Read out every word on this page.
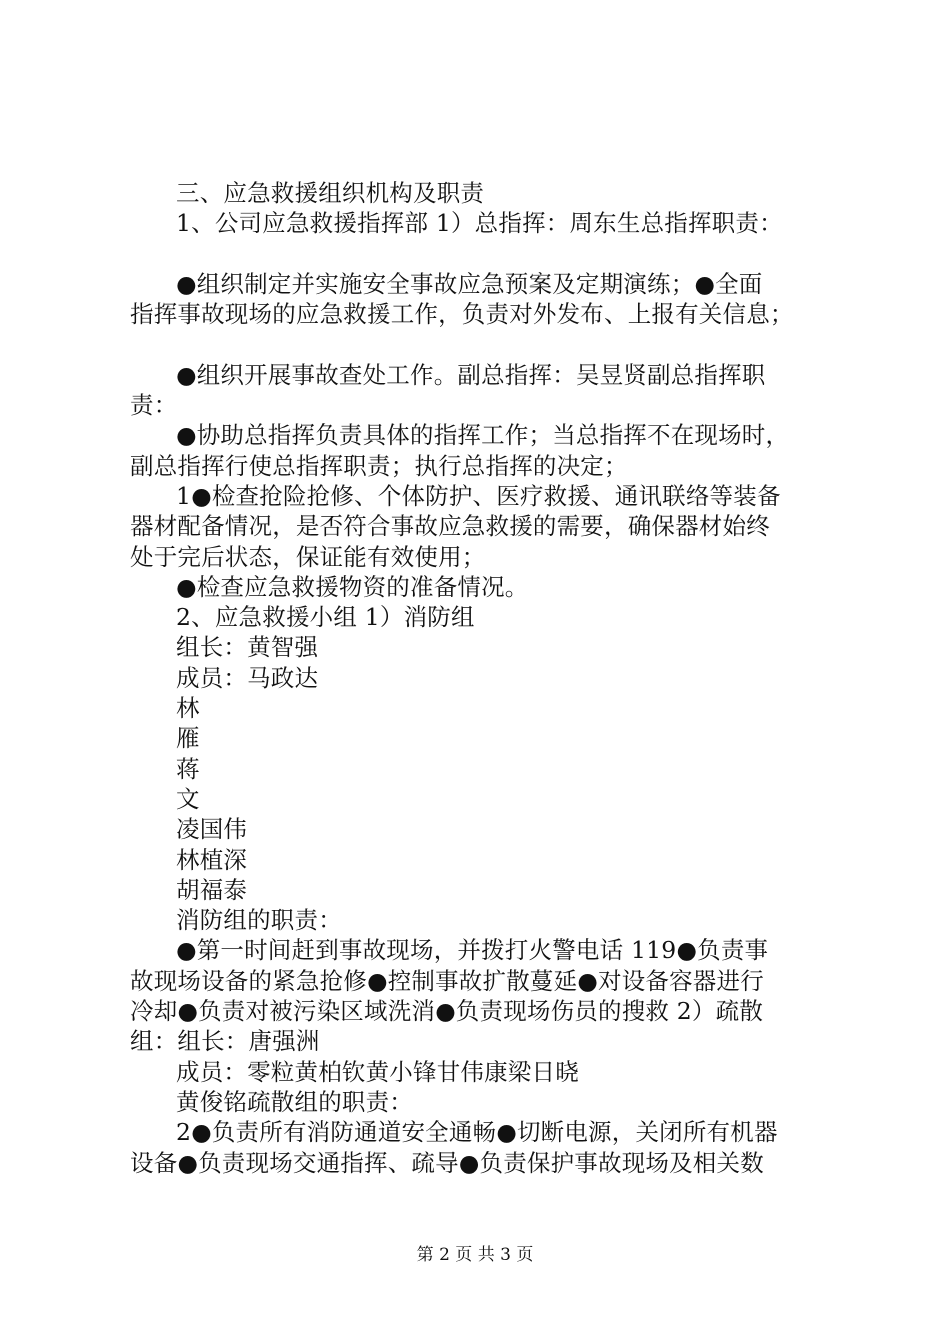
三、应急救援组织机构及职责
1、公司应急救援指挥部 1）总指挥：周东生总指挥职责：
●组织制定并实施安全事故应急预案及定期演练；●全面
指挥事故现场的应急救援工作，负责对外发布、上报有关信息；
●组织开展事故查处工作。副总指挥：吴昱贤副总指挥职
责：
●协助总指挥负责具体的指挥工作；当总指挥不在现场时，
副总指挥行使总指挥职责；执行总指挥的决定；
1●检查抢险抢修、个体防护、医疗救援、通讯联络等装备
器材配备情况，是否符合事故应急救援的需要，确保器材始终
处于完后状态，保证能有效使用；
●检查应急救援物资的准备情况。
2、应急救援小组 1）消防组
组长：黄智强
成员：马政达
林
雁
蒋
文
凌国伟
林植深
胡福泰
消防组的职责：
●第一时间赶到事故现场，并拨打火警电话 119●负责事
故现场设备的紧急抢修●控制事故扩散蔓延●对设备容器进行
冷却●负责对被污染区域洗消●负责现场伤员的搜救 2）疏散
组：组长：唐强洲
成员：零粒黄柏钦黄小锋甘伟康梁日晓
黄俊铭疏散组的职责：
2●负责所有消防通道安全通畅●切断电源，关闭所有机器
设备●负责现场交通指挥、疏导●负责保护事故现场及相关数
第 2 页 共 3 页
